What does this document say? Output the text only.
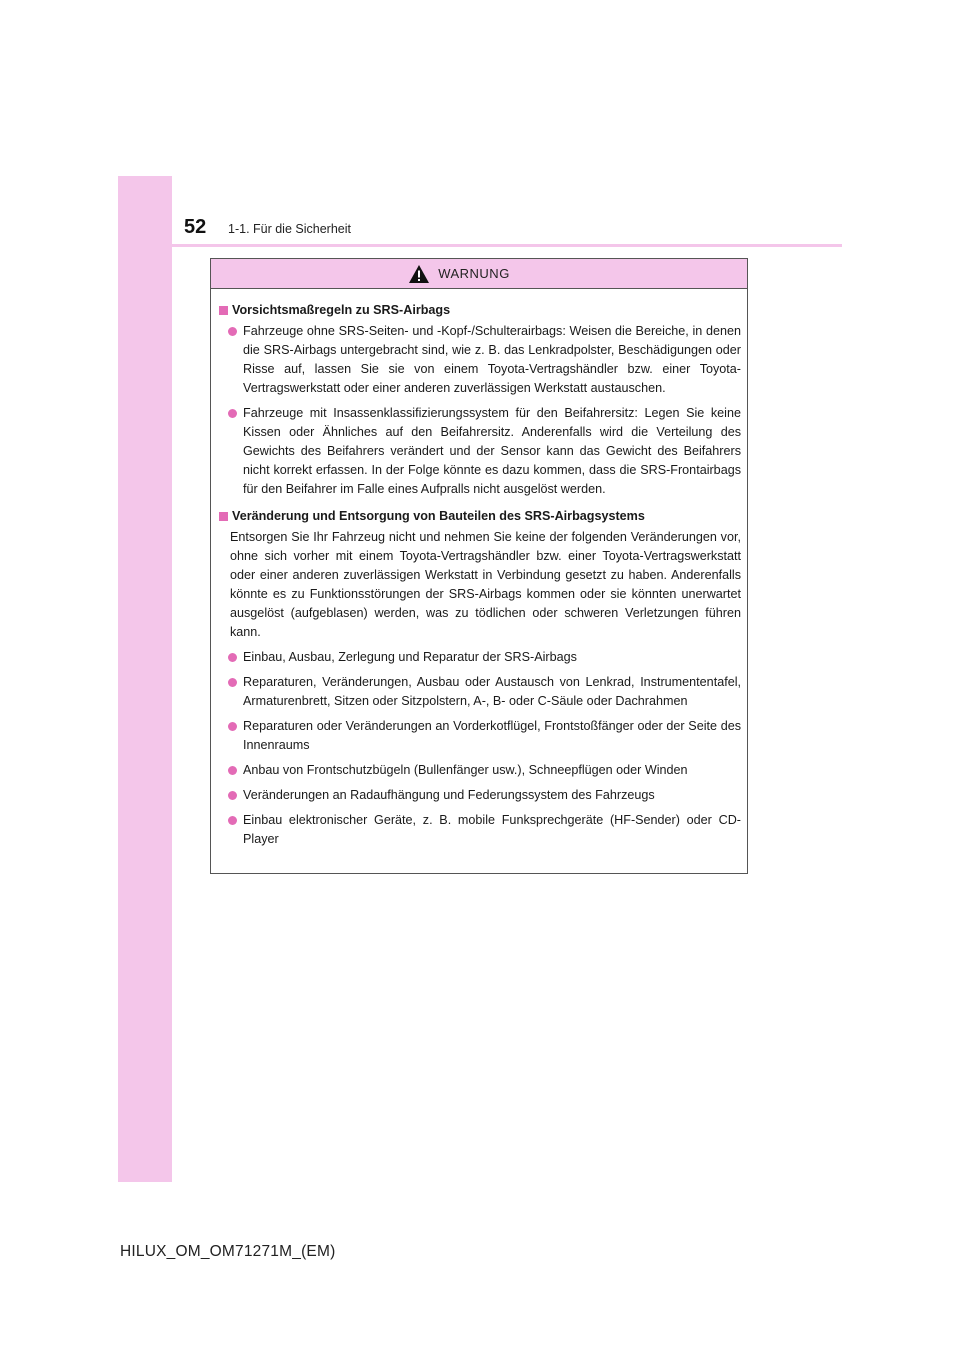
52 1-1. Für die Sicherheit
WARNUNG
Vorsichtsmaßregeln zu SRS-Airbags
Fahrzeuge ohne SRS-Seiten- und -Kopf-/Schulterairbags: Weisen die Bereiche, in denen die SRS-Airbags untergebracht sind, wie z. B. das Lenkradpolster, Beschädigungen oder Risse auf, lassen Sie sie von einem Toyota-Vertragshändler bzw. einer Toyota-Vertragswerkstatt oder einer anderen zuverlässigen Werkstatt austauschen.
Fahrzeuge mit Insassenklassifizierungssystem für den Beifahrersitz: Legen Sie keine Kissen oder Ähnliches auf den Beifahrersitz. Anderenfalls wird die Verteilung des Gewichts des Beifahrers verändert und der Sensor kann das Gewicht des Beifahrers nicht korrekt erfassen. In der Folge könnte es dazu kommen, dass die SRS-Frontairbags für den Beifahrer im Falle eines Aufpralls nicht ausgelöst werden.
Veränderung und Entsorgung von Bauteilen des SRS-Airbagsystems
Entsorgen Sie Ihr Fahrzeug nicht und nehmen Sie keine der folgenden Veränderungen vor, ohne sich vorher mit einem Toyota-Vertragshändler bzw. einer Toyota-Vertragswerkstatt oder einer anderen zuverlässigen Werkstatt in Verbindung gesetzt zu haben. Anderenfalls könnte es zu Funktionsstörungen der SRS-Airbags kommen oder sie könnten unerwartet ausgelöst (aufgeblasen) werden, was zu tödlichen oder schweren Verletzungen führen kann.
Einbau, Ausbau, Zerlegung und Reparatur der SRS-Airbags
Reparaturen, Veränderungen, Ausbau oder Austausch von Lenkrad, Instrumententafel, Armaturenbrett, Sitzen oder Sitzpolstern, A-, B- oder C-Säule oder Dachrahmen
Reparaturen oder Veränderungen an Vorderkotflügel, Frontstoßfänger oder der Seite des Innenraums
Anbau von Frontschutzbügeln (Bullenfänger usw.), Schneepflügen oder Winden
Veränderungen an Radaufhängung und Federungssystem des Fahrzeugs
Einbau elektronischer Geräte, z. B. mobile Funksprechgeräte (HF-Sender) oder CD-Player
HILUX_OM_OM71271M_(EM)
